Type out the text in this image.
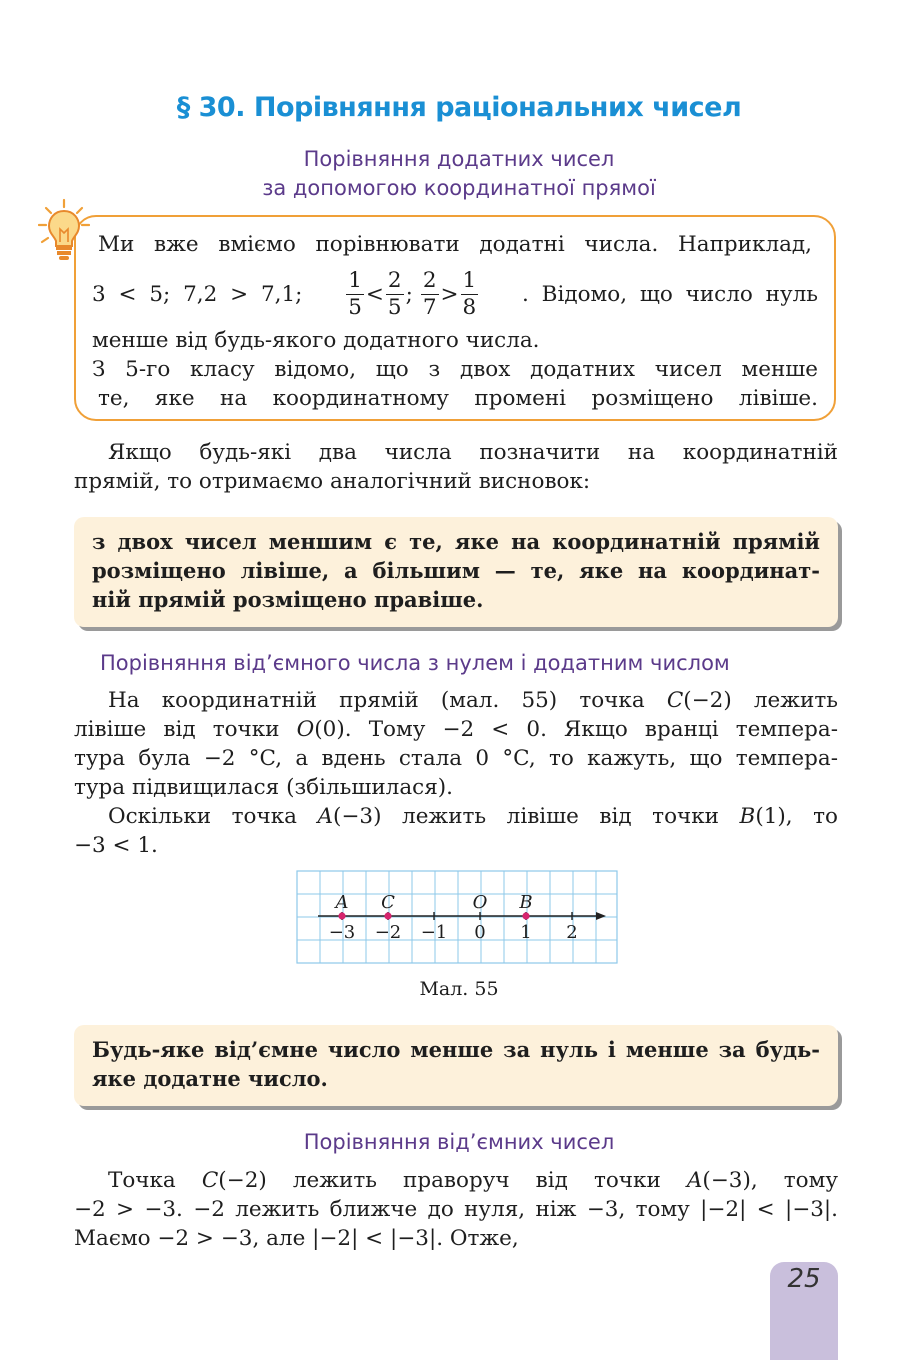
§ 30. Порівняння раціональних чисел
Порівняння додатних чисел
за допомогою координатної прямої
Ми вже вміємо порівнювати додатні числа. Наприклад,
3 < 5; 7,2 > 7,1; $\frac{1}{5} < \frac{2}{5}$ ; $\frac{2}{7} > \frac{1}{8}$ . Відомо, що число нуль
менше від будь-якого додатного числа.
З 5-го класу відомо, що з двох додатних чисел менше
те, яке на координатному промені розміщено лівіше.
Якщо будь-які два числа позначити на координатній
прямій, то отримаємо аналогічний висновок:
з двох чисел меншим є те, яке на координатній прямій
розміщено лівіше, а більшим — те, яке на координат-
ній прямій розміщено правіше.
Порівняння від’ємного числа з нулем і додатним числом
На координатній прямій (мал. 55) точка C(−2) лежить
лівіше від точки O(0). Тому −2 < 0. Якщо вранці темпера-
тура була −2 °C, а вдень стала 0 °C, то кажуть, що темпера-
тура підвищилася (збільшилася).
Оскільки точка A(−3) лежить лівіше від точки B(1), то
−3 < 1.
−3 −2 −1 0 1 2
A C	O B
Мал. 55
Будь-яке від’ємне число менше за нуль і менше за будь-
яке додатне число.
Порівняння від’ємних чисел
Точка C(−2) лежить праворуч від точки A(−3), тому
−2 > −3. −2 лежить ближче до нуля, ніж −3, тому |−2| < |−3|.
Маємо −2 > −3, але |−2| < |−3|. Отже,
25
